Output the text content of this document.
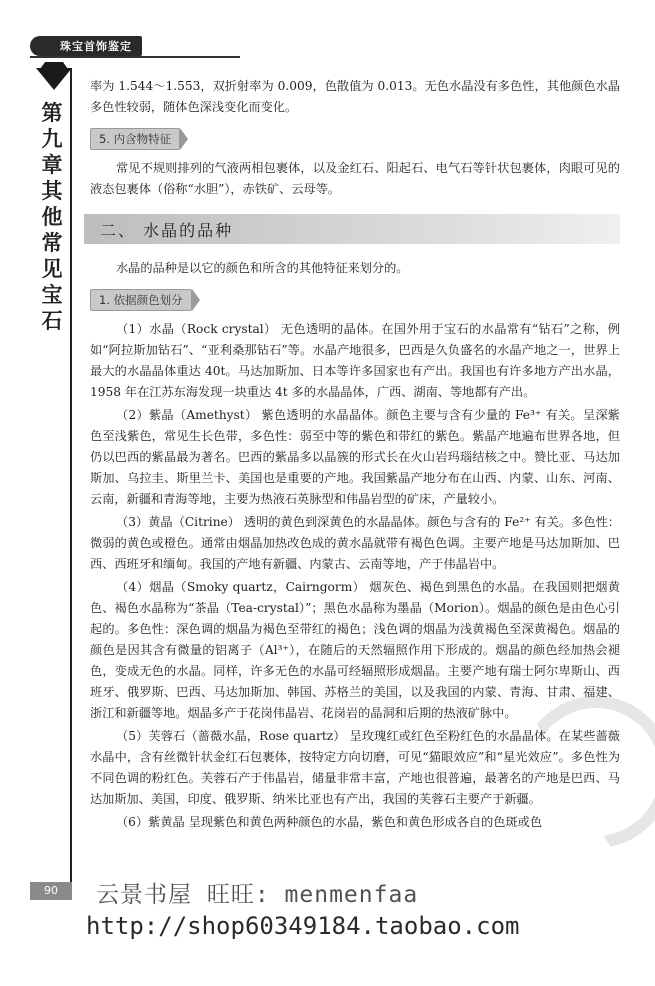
珠宝首饰鉴定
第九章 其他常见宝石

率为 1.544～1.553，双折射率为 0.009，色散值为 0.013。无色水晶没有多色性，其他颜色水晶多色性较弱，随体色深浅变化而变化。

5. 内含物特征

常见不规则排列的气液两相包裹体，以及金红石、阳起石、电气石等针状包裹体，肉眼可见的液态包裹体（俗称“水胆”），赤铁矿、云母等。

二、 水晶的品种

水晶的品种是以它的颜色和所含的其他特征来划分的。

1. 依据颜色划分

（1）水晶（Rock crystal） 无色透明的晶体。在国外用于宝石的水晶常有“钻石”之称，例如“阿拉斯加钻石”、“亚利桑那钻石”等。水晶产地很多，巴西是久负盛名的水晶产地之一，世界上最大的水晶晶体重达 40t。马达加斯加、日本等许多国家也有产出。我国也有许多地方产出水晶，1958 年在江苏东海发现一块重达 4t 多的水晶晶体，广西、湖南、等地都有产出。

（2）紫晶（Amethyst） 紫色透明的水晶晶体。颜色主要与含有少量的 Fe³⁺ 有关。呈深紫色至浅紫色，常见生长色带，多色性：弱至中等的紫色和带红的紫色。紫晶产地遍布世界各地，但仍以巴西的紫晶最为著名。巴西的紫晶多以晶簇的形式长在火山岩玛瑙结核之中。赞比亚、马达加斯加、乌拉圭、斯里兰卡、美国也是重要的产地。我国紫晶产地分布在山西、内蒙、山东、河南、云南，新疆和青海等地，主要为热液石英脉型和伟晶岩型的矿床，产量较小。

（3）黄晶（Citrine） 透明的黄色到深黄色的水晶晶体。颜色与含有的 Fe²⁺ 有关。多色性：微弱的黄色或橙色。通常由烟晶加热改色成的黄水晶就带有褐色色调。主要产地是马达加斯加、巴西、西班牙和缅甸。我国的产地有新疆、内蒙古、云南等地，产于伟晶岩中。

（4）烟晶（Smoky quartz，Cairngorm） 烟灰色、褐色到黑色的水晶。在我国则把烟黄色、褐色水晶称为“茶晶（Tea-crystal）”；黑色水晶称为墨晶（Morion）。烟晶的颜色是由色心引起的。多色性：深色调的烟晶为褐色至带红的褐色；浅色调的烟晶为浅黄褐色至深黄褐色。烟晶的颜色是因其含有微量的铝离子（Al³⁺），在随后的天然辐照作用下形成的。烟晶的颜色经加热会褪色，变成无色的水晶。同样，许多无色的水晶可经辐照形成烟晶。主要产地有瑞士阿尔卑斯山、西班牙、俄罗斯、巴西、马达加斯加、韩国、苏格兰的美国，以及我国的内蒙、青海、甘肃、福建、浙江和新疆等地。烟晶多产于花岗伟晶岩、花岗岩的晶洞和后期的热液矿脉中。

（5）芙蓉石（蔷薇水晶，Rose quartz） 呈玫瑰红或红色至粉红色的水晶晶体。在某些蔷薇水晶中，含有丝微针状金红石包裹体，按特定方向切磨，可见“猫眼效应”和“星光效应”。多色性为不同色调的粉红色。芙蓉石产于伟晶岩，储量非常丰富，产地也很普遍，最著名的产地是巴西、马达加斯加、美国，印度、俄罗斯、纳米比亚也有产出，我国的芙蓉石主要产于新疆。

（6）紫黄晶 呈现紫色和黄色两种颜色的水晶，紫色和黄色形成各自的色斑或色

90	云景书屋 旺旺: menmenfaa
http://shop60349184.taobao.com
